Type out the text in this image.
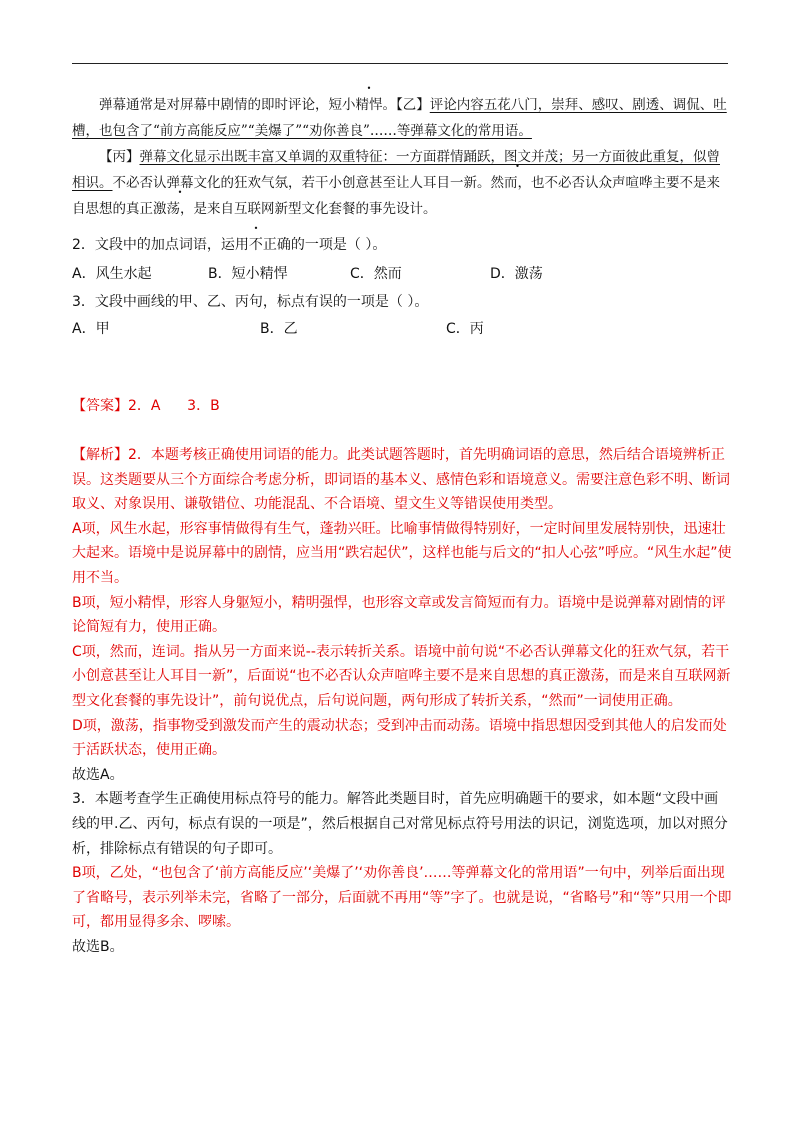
弹幕通常是对屏幕中剧情的即时评论，短小精悍。【乙】评论内容五花八门，崇拜、感叹、剧透、调侃、吐槽，也包含了“前方高能反应”“美爆了”“劝你善良”……等弹幕文化的常用语。

【丙】弹幕文化显示出既丰富又单调的双重特征：一方面群情踊跃，图文并茂；另一方面彼此重复，似曾相识。不必否认弹幕文化的狂欢气氛，若干小创意甚至让人耳目一新。然而，也不必否认众声喧哗主要不是来自思想的真正激荡，是来自互联网新型文化套餐的事先设计。

2．文段中的加点词语，运用不正确的一项是（ ）。
A．风生水起	B．短小精悍	C．然而	D．激荡
3．文段中画线的甲、乙、丙句，标点有误的一项是（ ）。
A．甲	B．乙	C．丙
【答案】2．A      3．B

【解析】2．本题考核正确使用词语的能力。此类试题答题时，首先明确词语的意思，然后结合语境辨析正误。这类题要从三个方面综合考虑分析，即词语的基本义、感情色彩和语境意义。需要注意色彩不明、断词取义、对象误用、谦敬错位、功能混乱、不合语境、望文生义等错误使用类型。

A项，风生水起，形容事情做得有生气，蓬勃兴旺。比喻事情做得特别好，一定时间里发展特别快，迅速壮大起来。语境中是说屏幕中的剧情，应当用“跌宕起伏”，这样也能与后文的“扣人心弦”呼应。“风生水起”使用不当。

B项，短小精悍，形容人身躯短小，精明强悍，也形容文章或发言简短而有力。语境中是说弹幕对剧情的评论简短有力，使用正确。

C项，然而，连词。指从另一方面来说--表示转折关系。语境中前句说“不必否认弹幕文化的狂欢气氛，若干小创意甚至让人耳目一新”，后面说“也不必否认众声喧哗主要不是来自思想的真正激荡，而是来自互联网新型文化套餐的事先设计”，前句说优点，后句说问题，两句形成了转折关系，“然而”一词使用正确。

D项，激荡，指事物受到激发而产生的震动状态；受到冲击而动荡。语境中指思想因受到其他人的启发而处于活跃状态，使用正确。

故选A。

3．本题考查学生正确使用标点符号的能力。解答此类题目时，首先应明确题干的要求，如本题“文段中画线的甲.乙、丙句，标点有误的一项是”，然后根据自己对常见标点符号用法的识记，浏览选项，加以对照分析，排除标点有错误的句子即可。

B项，乙处，“也包含了‘前方高能反应’‘美爆了’‘劝你善良’……等弹幕文化的常用语”一句中，列举后面出现了省略号，表示列举未完，省略了一部分，后面就不再用“等”字了。也就是说，“省略号”和“等”只用一个即可，都用显得多余、啰嗦。

故选B。
